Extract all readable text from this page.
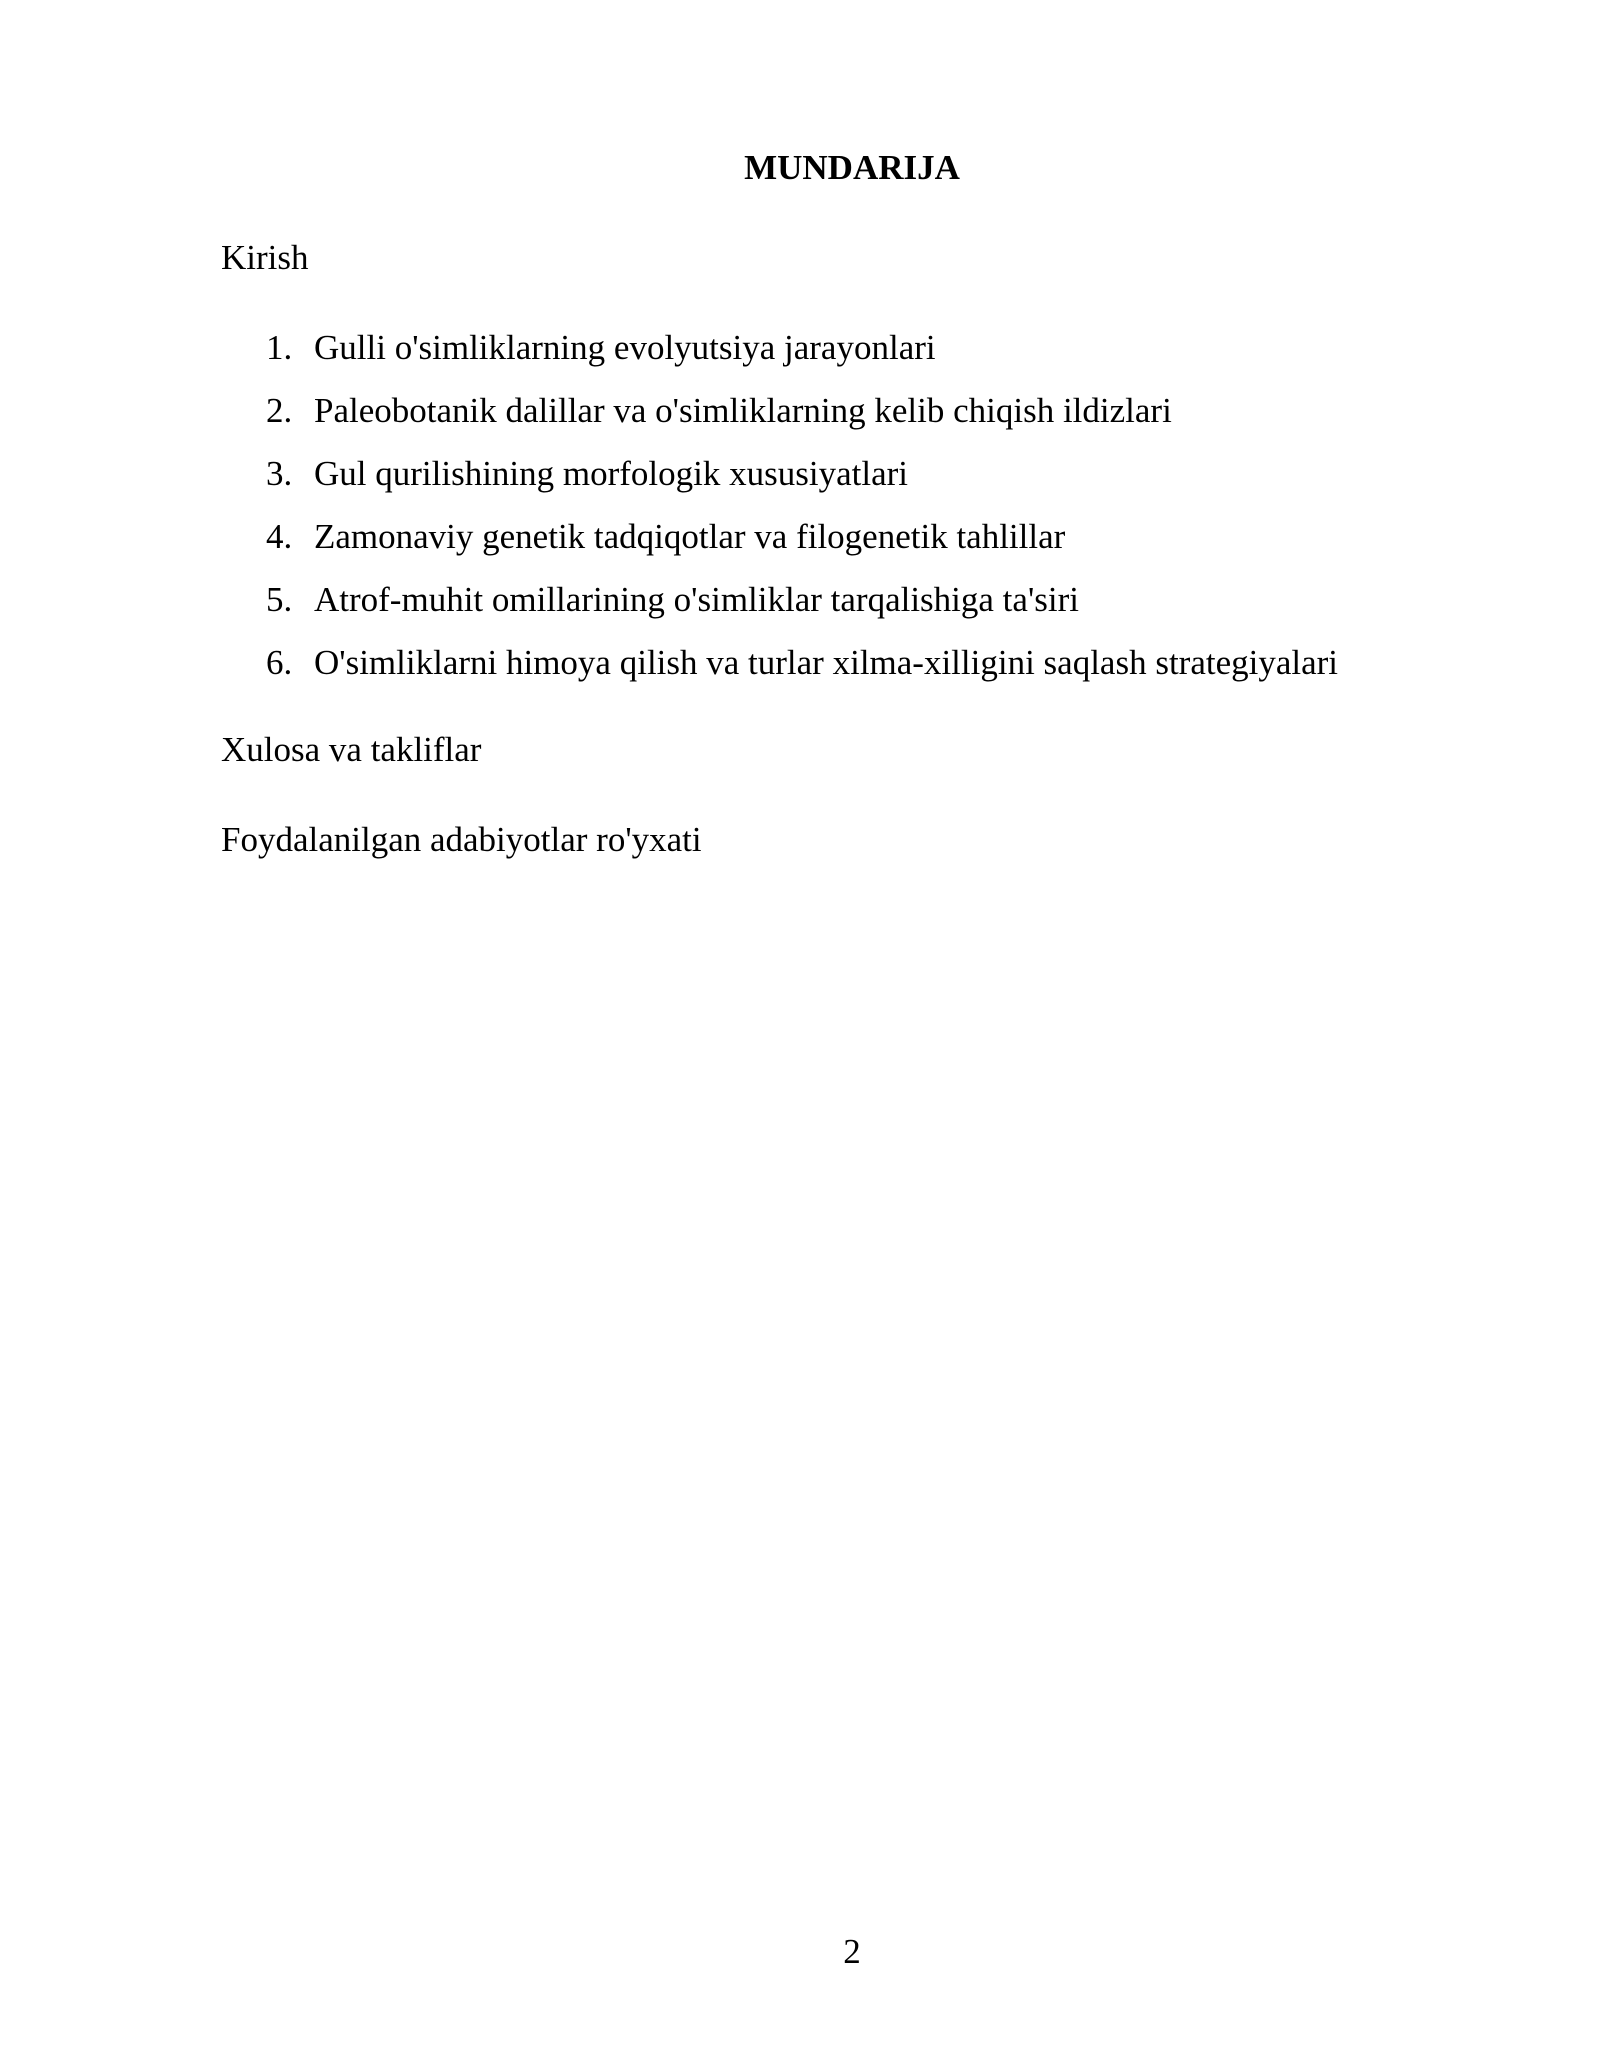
MUNDARIJA
Kirish
1. Gulli o'simliklarning evolyutsiya jarayonlari
2. Paleobotanik dalillar va o'simliklarning kelib chiqish ildizlari
3. Gul qurilishining morfologik xususiyatlari
4. Zamonaviy genetik tadqiqotlar va filogenetik tahlillar
5. Atrof-muhit omillarining o'simliklar tarqalishiga ta'siri
6. O'simliklarni himoya qilish va turlar xilma-xilligini saqlash strategiyalari
Xulosa va takliflar
Foydalanilgan adabiyotlar ro'yxati
2
